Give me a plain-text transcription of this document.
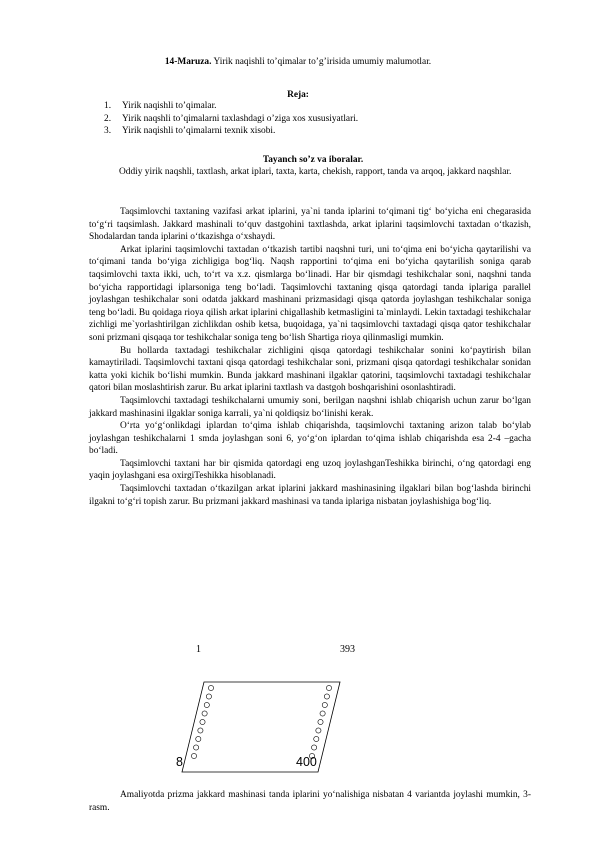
14-Maruza. Yirik naqishli to’qimalar to’g’irisida umumiy malumotlar.
Reja:
1.	Yirik naqishli to’qimalar.
2.	Yirik naqshli to’qimalarni taxlashdagi o’ziga xos xususiyatlari.
3.	Yirik naqishli to’qimalarni texnik xisobi.
Tayanch so’z va iboralar.
Oddiy yirik naqshli, taxtlash, arkat iplari, taxta, karta, chekish, rapport, tanda va arqoq, jakkard naqshlar.

Taqsimlovchi taxtaning vazifasi arkat iplarini, ya`ni tanda iplarini to‘qimani tig‘ bo‘yicha eni chegarasida to‘g‘ri taqsimlash. Jakkard mashinali to‘quv dastgohini taxtlashda, arkat iplarini taqsimlovchi taxtadan o‘tkazish, Shodalardan tanda iplarini o‘tkazishga o‘xshaydi.

Arkat iplarini taqsimlovchi taxtadan o‘tkazish tartibi naqshni turi, uni to‘qima eni bo‘yicha qaytarilishi va to‘qimani tanda bo‘yiga zichligiga bog‘liq. Naqsh rapportini to‘qima eni bo‘yicha qaytarilish soniga qarab taqsimlovchi taxta ikki, uch, to‘rt va x.z. qismlarga bo‘linadi. Har bir qismdagi teshikchalar soni, naqshni tanda bo‘yicha rapportidagi iplarsoniga teng bo‘ladi. Taqsimlovchi taxtaning qisqa qatordagi tanda iplariga parallel joylashgan teshikchalar soni odatda jakkard mashinani prizmasidagi qisqa qatorda joylashgan teshikchalar soniga teng bo‘ladi. Bu qoidaga rioya qilish arkat iplarini chigallashib ketmasligini ta`minlaydi. Lekin taxtadagi teshikchalar zichligi me`yorlashtirilgan zichlikdan oshib ketsa, buqoidaga, ya`ni taqsimlovchi taxtadagi qisqa qator teshikchalar soni prizmani qisqaqa tor teshikchalar soniga teng bo‘lish Shartiga rioya qilinmasligi mumkin.

Bu hollarda taxtadagi teshikchalar zichligini qisqa qatordagi teshikchalar sonini ko‘paytirish bilan kamaytiriladi. Taqsimlovchi taxtani qisqa qatordagi teshikchalar soni, prizmani qisqa qatordagi teshikchalar sonidan katta yoki kichik bo‘lishi mumkin. Bunda jakkard mashinani ilgaklar qatorini, taqsimlovchi taxtadagi teshikchalar qatori bilan moslashtirish zarur. Bu arkat iplarini taxtlash va dastgoh boshqarishini osonlashtiradi.

Taqsimlovchi taxtadagi teshikchalarni umumiy soni, berilgan naqshni ishlab chiqarish uchun zarur bo‘lgan jakkard mashinasini ilgaklar soniga karrali, ya`ni qoldiqsiz bo‘linishi kerak.

O‘rta yo‘g‘onlikdagi iplardan to‘qima ishlab chiqarishda, taqsimlovchi taxtaning arizon talab bo‘ylab joylashgan teshikchalarni 1 smda joylashgan soni 6, yo‘g‘on iplardan to‘qima ishlab chiqarishda esa 2-4 –gacha bo‘ladi.

Taqsimlovchi taxtani har bir qismida qatordagi eng uzoq joylashganTeshikka birinchi, o‘ng qatordagi eng yaqin joylashgani esa oxirgiTeshikka hisoblanadi.

Taqsimlovchi taxtadan o‘tkazilgan arkat iplarini jakkard mashinasining ilgaklari bilan bog‘lashda birinchi ilgakni to‘g‘ri topish zarur. Bu prizmani jakkard mashinasi va tanda iplariga nisbatan joylashishiga bog‘liq.

1	393
8	400

Amaliyotda prizma jakkard mashinasi tanda iplarini yo‘nalishiga nisbatan 4 variantda joylashi mumkin, 3-rasm.
